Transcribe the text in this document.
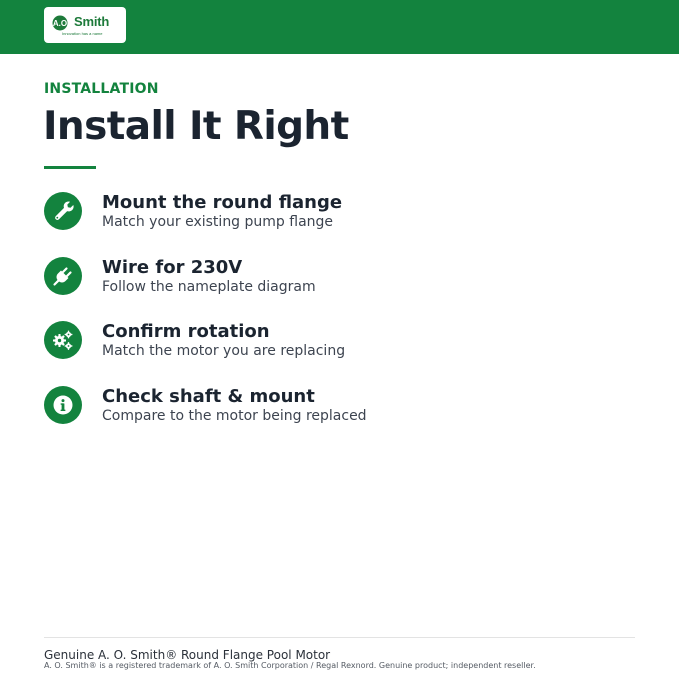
A.O Smith
Innovation has a name
INSTALLATION
Install It Right
Mount the round flange
Match your existing pump flange
Wire for 230V
Follow the nameplate diagram
Confirm rotation
Match the motor you are replacing
Check shaft & mount
Compare to the motor being replaced
Genuine A. O. Smith® Round Flange Pool Motor
A. O. Smith® is a registered trademark of A. O. Smith Corporation / Regal Rexnord. Genuine product; independent reseller.
